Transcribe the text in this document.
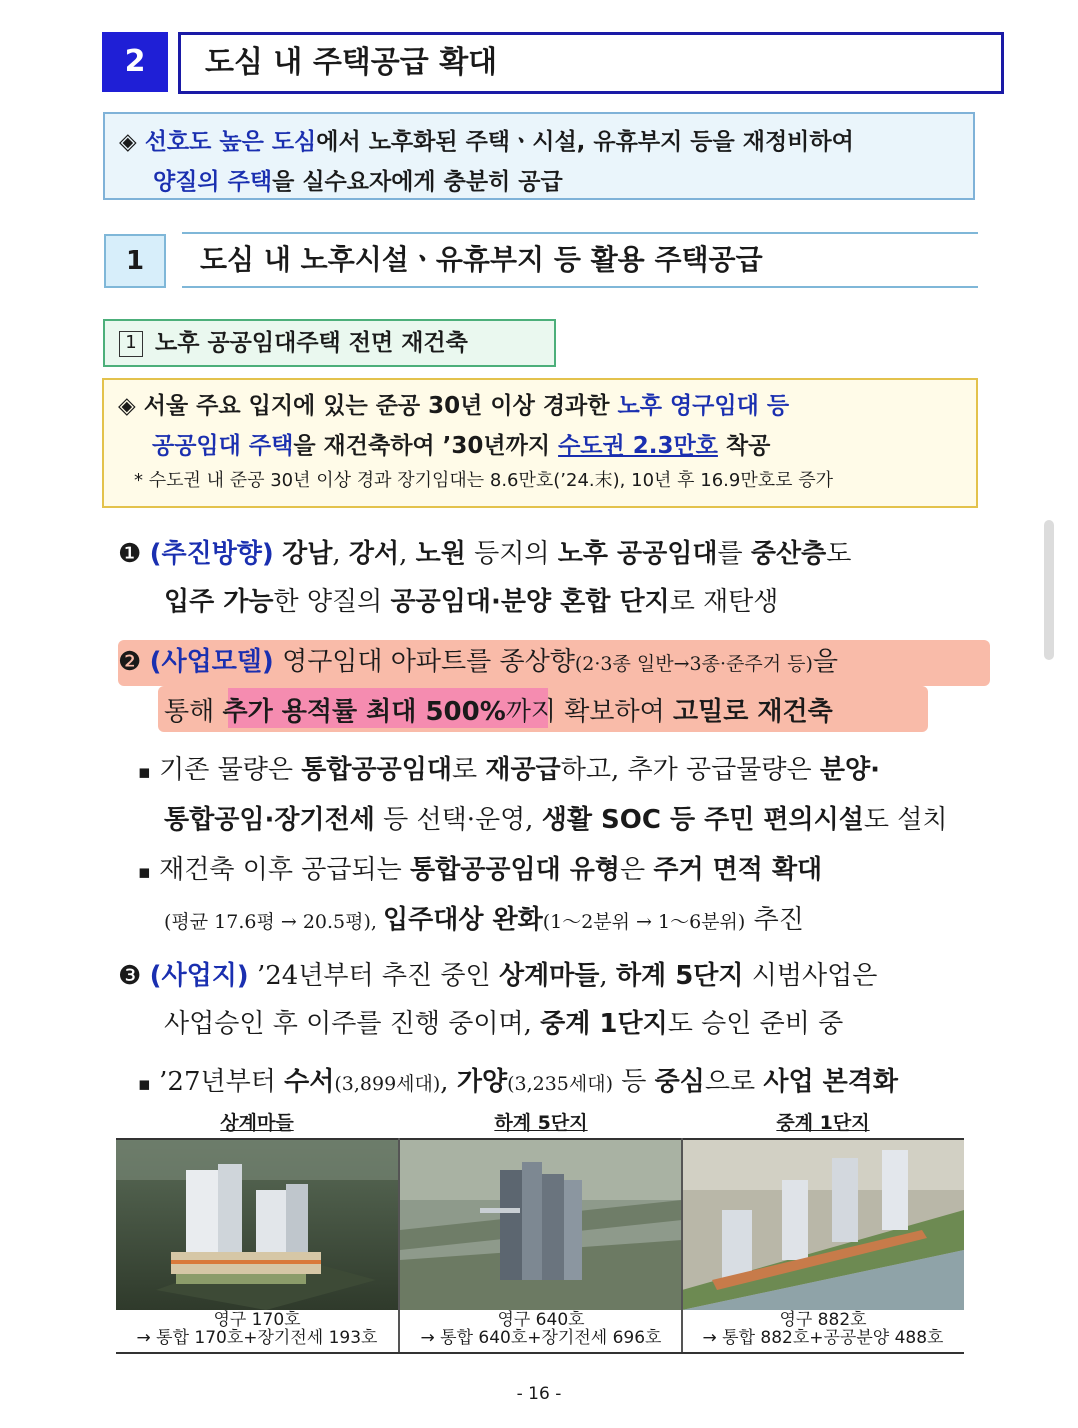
2	도심 내 주택공급 확대
◈ 선호도 높은 도심에서 노후화된 주택ㆍ시설, 유휴부지 등을 재정비하여
양질의 주택을 실수요자에게 충분히 공급
1	도심 내 노후시설ㆍ유휴부지 등 활용 주택공급
1 노후 공공임대주택 전면 재건축
◈ 서울 주요 입지에 있는 준공 30년 이상 경과한 노후 영구임대 등
공공임대 주택을 재건축하여 ’30년까지 수도권 2.3만호 착공
* 수도권 내 준공 30년 이상 경과 장기임대는 8.6만호(’24.末), 10년 후 16.9만호로 증가
❶ (추진방향) 강남, 강서, 노원 등지의 노후 공공임대를 중산층도
입주 가능한 양질의 공공임대·분양 혼합 단지로 재탄생
❷ (사업모델) 영구임대 아파트를 종상향(2·3종 일반→3종·준주거 등)을
통해 추가 용적률 최대 500%까지 확보하여 고밀로 재건축
▪ 기존 물량은 통합공공임대로 재공급하고, 추가 공급물량은 분양·
통합공임·장기전세 등 선택·운영, 생활 SOC 등 주민 편의시설도 설치
▪ 재건축 이후 공급되는 통합공공임대 유형은 주거 면적 확대
(평균 17.6평 → 20.5평), 입주대상 완화(1～2분위 → 1～6분위) 추진
❸ (사업지) ’24년부터 추진 중인 상계마들, 하계 5단지 시범사업은
사업승인 후 이주를 진행 중이며, 중계 1단지도 승인 준비 중
▪ ’27년부터 수서(3,899세대), 가양(3,235세대) 등 중심으로 사업 본격화
상계마들
영구 170호
→ 통합 170호+장기전세 193호
하계 5단지
영구 640호
→ 통합 640호+장기전세 696호
중계 1단지
영구 882호
→ 통합 882호+공공분양 488호
- 16 -
